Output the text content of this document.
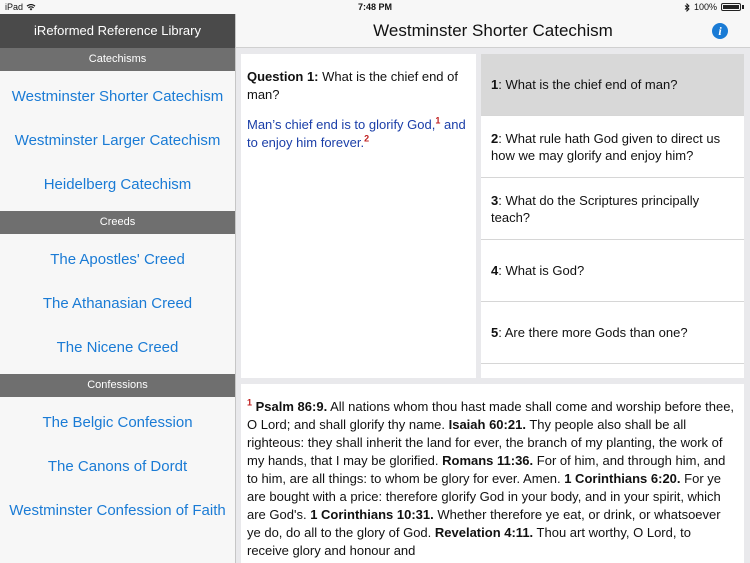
iPad	7:48 PM	100%
iReformed Reference Library
Catechisms
Westminster Shorter Catechism
Westminster Larger Catechism
Heidelberg Catechism
Creeds
The Apostles' Creed
The Athanasian Creed
The Nicene Creed
Confessions
The Belgic Confession
The Canons of Dordt
Westminster Confession of Faith
Westminster Shorter Catechism	i
Question 1: What is the chief end of man?
Man’s chief end is to glorify God,$^1$ and to enjoy him forever.$^2$
1: What is the chief end of man?
2: What rule hath God given to direct us how we may glorify and enjoy him?
3: What do the Scriptures principally teach?
4: What is God?
5: Are there more Gods than one?
$^1$ Psalm 86:9. All nations whom thou hast made shall come and worship before thee, O Lord; and shall glorify thy name. Isaiah 60:21. Thy people also shall be all righteous: they shall inherit the land for ever, the branch of my planting, the work of my hands, that I may be glorified. Romans 11:36. For of him, and through him, and to him, are all things: to whom be glory for ever. Amen. 1 Corinthians 6:20. For ye are bought with a price: therefore glorify God in your body, and in your spirit, which are God's. 1 Corinthians 10:31. Whether therefore ye eat, or drink, or whatsoever ye do, do all to the glory of God. Revelation 4:11. Thou art worthy, O Lord, to receive glory and honour and
